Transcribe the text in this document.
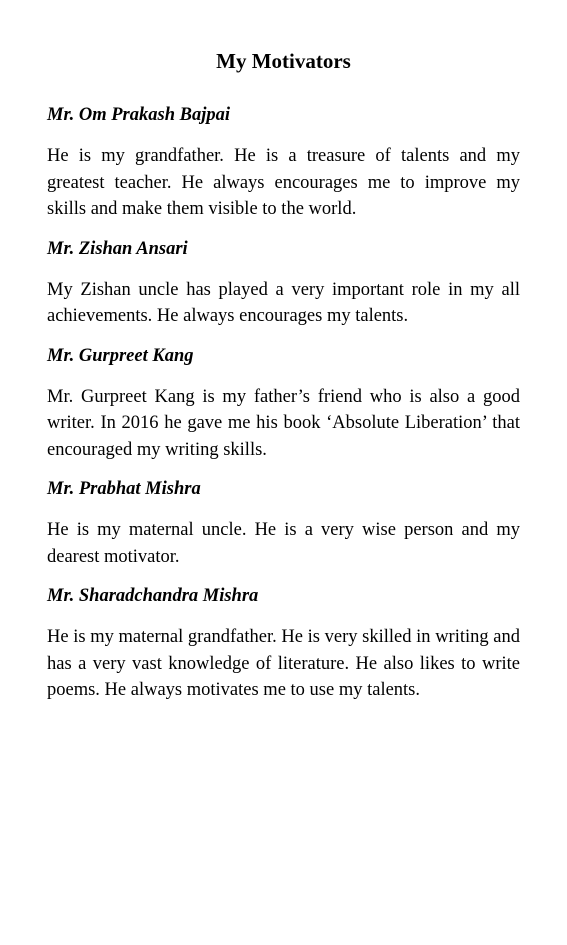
My Motivators
Mr. Om Prakash Bajpai

He is my grandfather. He is a treasure of talents and my greatest teacher. He always encourages me to improve my skills and make them visible to the world.

Mr. Zishan Ansari

My Zishan uncle has played a very important role in my all achievements. He always encourages my talents.

Mr. Gurpreet Kang

Mr. Gurpreet Kang is my father’s friend who is also a good writer. In 2016 he gave me his book ‘Absolute Liberation’ that encouraged my writing skills.

Mr. Prabhat Mishra

He is my maternal uncle. He is a very wise person and my dearest motivator.

Mr. Sharadchandra Mishra

He is my maternal grandfather. He is very skilled in writing and has a very vast knowledge of literature. He also likes to write poems. He always motivates me to use my talents.
